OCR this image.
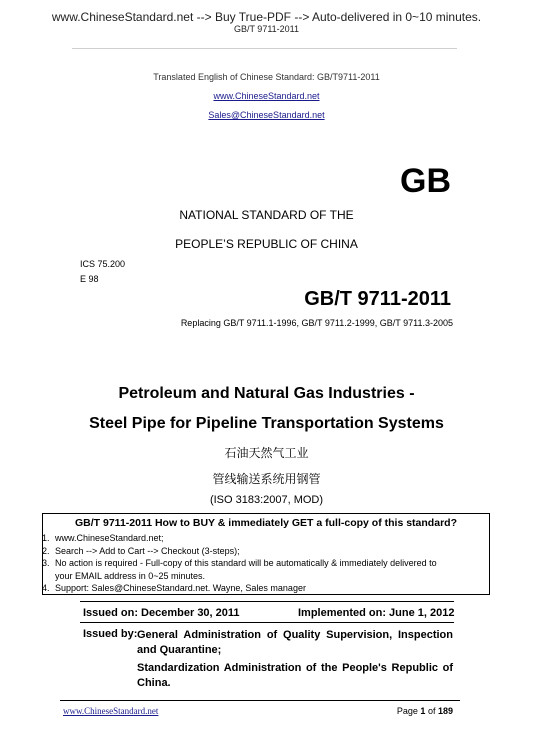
www.ChineseStandard.net --> Buy True-PDF --> Auto-delivered in 0~10 minutes.
GB/T 9711-2011
Translated English of Chinese Standard: GB/T9711-2011
www.ChineseStandard.net
Sales@ChineseStandard.net
GB
NATIONAL STANDARD OF THE
PEOPLE’S REPUBLIC OF CHINA
ICS 75.200
E 98
GB/T 9711-2011
Replacing GB/T 9711.1-1996, GB/T 9711.2-1999, GB/T 9711.3-2005
Petroleum and Natural Gas Industries -
Steel Pipe for Pipeline Transportation Systems
石油天然气工业
管线输送系统用钢管
(ISO 3183:2007, MOD)
GB/T 9711-2011 How to BUY & immediately GET a full-copy of this standard?
1. www.ChineseStandard.net;
2. Search --> Add to Cart --> Checkout (3-steps);
3. No action is required - Full-copy of this standard will be automatically & immediately delivered to
your EMAIL address in 0~25 minutes.
4. Support: Sales@ChineseStandard.net. Wayne, Sales manager
Issued on: December 30, 2011	Implemented on: June 1, 2012
Issued by: General Administration of Quality Supervision, Inspection and Quarantine;
Standardization Administration of the People's Republic of China.
www.ChineseStandard.net	Page 1 of 189
